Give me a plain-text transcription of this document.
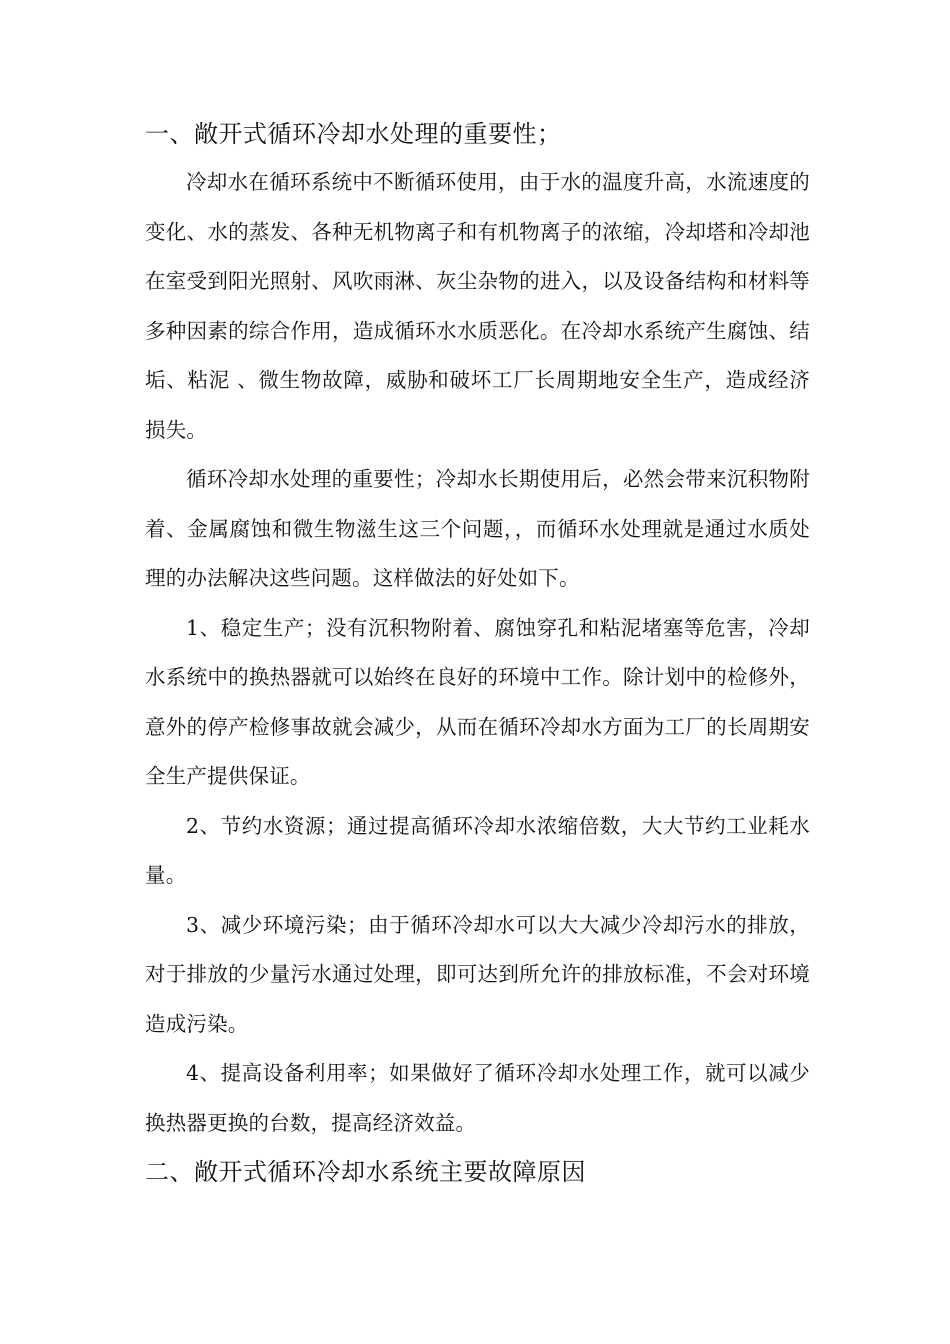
一、敞开式循环冷却水处理的重要性；

冷却水在循环系统中不断循环使用，由于水的温度升高，水流速度的变化、水的蒸发、各种无机物离子和有机物离子的浓缩，冷却塔和冷却池在室受到阳光照射、风吹雨淋、灰尘杂物的进入，以及设备结构和材料等多种因素的综合作用，造成循环水水质恶化。在冷却水系统产生腐蚀、结垢、粘泥 、微生物故障，威胁和破坏工厂长周期地安全生产，造成经济损失。

循环冷却水处理的重要性；冷却水长期使用后，必然会带来沉积物附着、金属腐蚀和微生物滋生这三个问题，，而循环水处理就是通过水质处理的办法解决这些问题。这样做法的好处如下。

1、稳定生产；没有沉积物附着、腐蚀穿孔和粘泥堵塞等危害，冷却水系统中的换热器就可以始终在良好的环境中工作。除计划中的检修外，意外的停产检修事故就会减少，从而在循环冷却水方面为工厂的长周期安全生产提供保证。

2、节约水资源；通过提高循环冷却水浓缩倍数，大大节约工业耗水量。

3、减少环境污染；由于循环冷却水可以大大减少冷却污水的排放，对于排放的少量污水通过处理，即可达到所允许的排放标准，不会对环境造成污染。

4、提高设备利用率；如果做好了循环冷却水处理工作，就可以减少换热器更换的台数，提高经济效益。

二、敞开式循环冷却水系统主要故障原因
